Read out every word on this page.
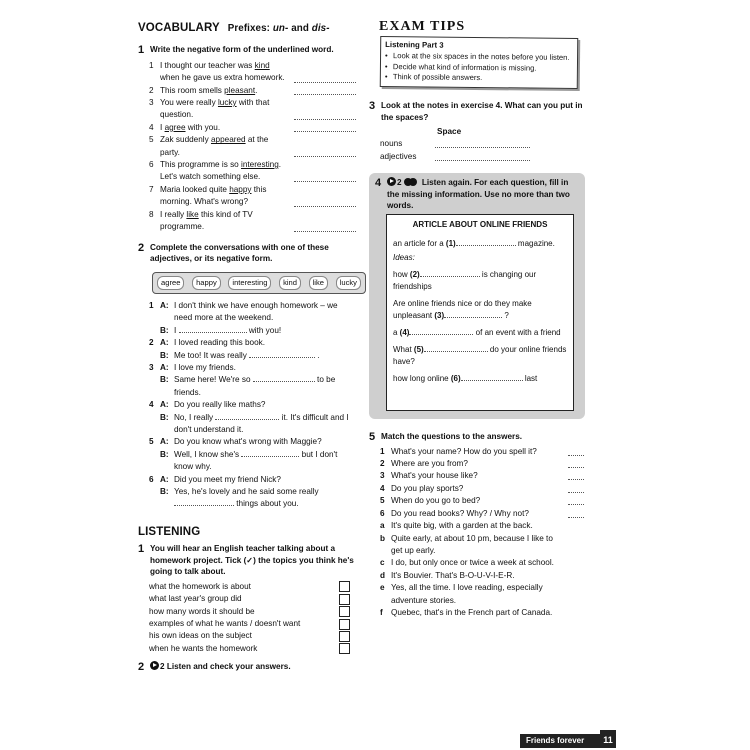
VOCABULARY Prefixes: un- and dis-
1 Write the negative form of the underlined word.
1 I thought our teacher was kind when he gave us extra homework.
2 This room smells pleasant.
3 You were really lucky with that question.
4 I agree with you.
5 Zak suddenly appeared at the party.
6 This programme is so interesting. Let's watch something else.
7 Maria looked quite happy this morning. What's wrong?
8 I really like this kind of TV programme.
2 Complete the conversations with one of these adjectives, or its negative form.
agree	happy	interesting	kind	like	lucky
1 A: I don't think we have enough homework – we need more at the weekend.
B: I	with you!
2 A: I loved reading this book.
B: Me too! It was really	.
3 A: I love my friends.
B: Same here! We're so	to be friends.
4 A: Do you really like maths?
B: No, I really	it. It's difficult and I don't understand it.
5 A: Do you know what's wrong with Maggie?
B: Well, I know she's	but I don't know why.
6 A: Did you meet my friend Nick?
B: Yes, he's lovely and he said some really  things about you.
LISTENING
1 You will hear an English teacher talking about a homework project. Tick (✓) the topics you think he's going to talk about.
what the homework is about
what last year's group did
how many words it should be
examples of what he wants / doesn't want
his own ideas on the subject
when he wants the homework
2	2 Listen and check your answers.
EXAM TIPS
Listening Part 3
• Look at the six spaces in the notes before you listen.
• Decide what kind of information is missing.
• Think of possible answers.
3 Look at the notes in exercise 4. What can you put in the spaces?
Space
nouns
adjectives
4	2 Listen again. For each question, fill in the missing information. Use no more than two words.
ARTICLE ABOUT ONLINE FRIENDS

an article for a (1)	magazine.

Ideas:

how (2)	is changing our friendships

Are online friends nice or do they make unpleasant (3)	?

a (4)	of an event with a friend

What (5)	do your online friends have?

how long online (6)	last

5 Match the questions to the answers.
1 What's your name? How do you spell it?
2 Where are you from?
3 What's your house like?
4 Do you play sports?
5 When do you go to bed?
6 Do you read books? Why? / Why not?
a It's quite big, with a garden at the back.
b Quite early, at about 10 pm, because I like to get up early.
c I do, but only once or twice a week at school.
d It's Bouvier. That's B-O-U-V-I-E-R.
e Yes, all the time. I love reading, especially adventure stories.
f	Quebec, that's in the French part of Canada.
Friends forever	11
